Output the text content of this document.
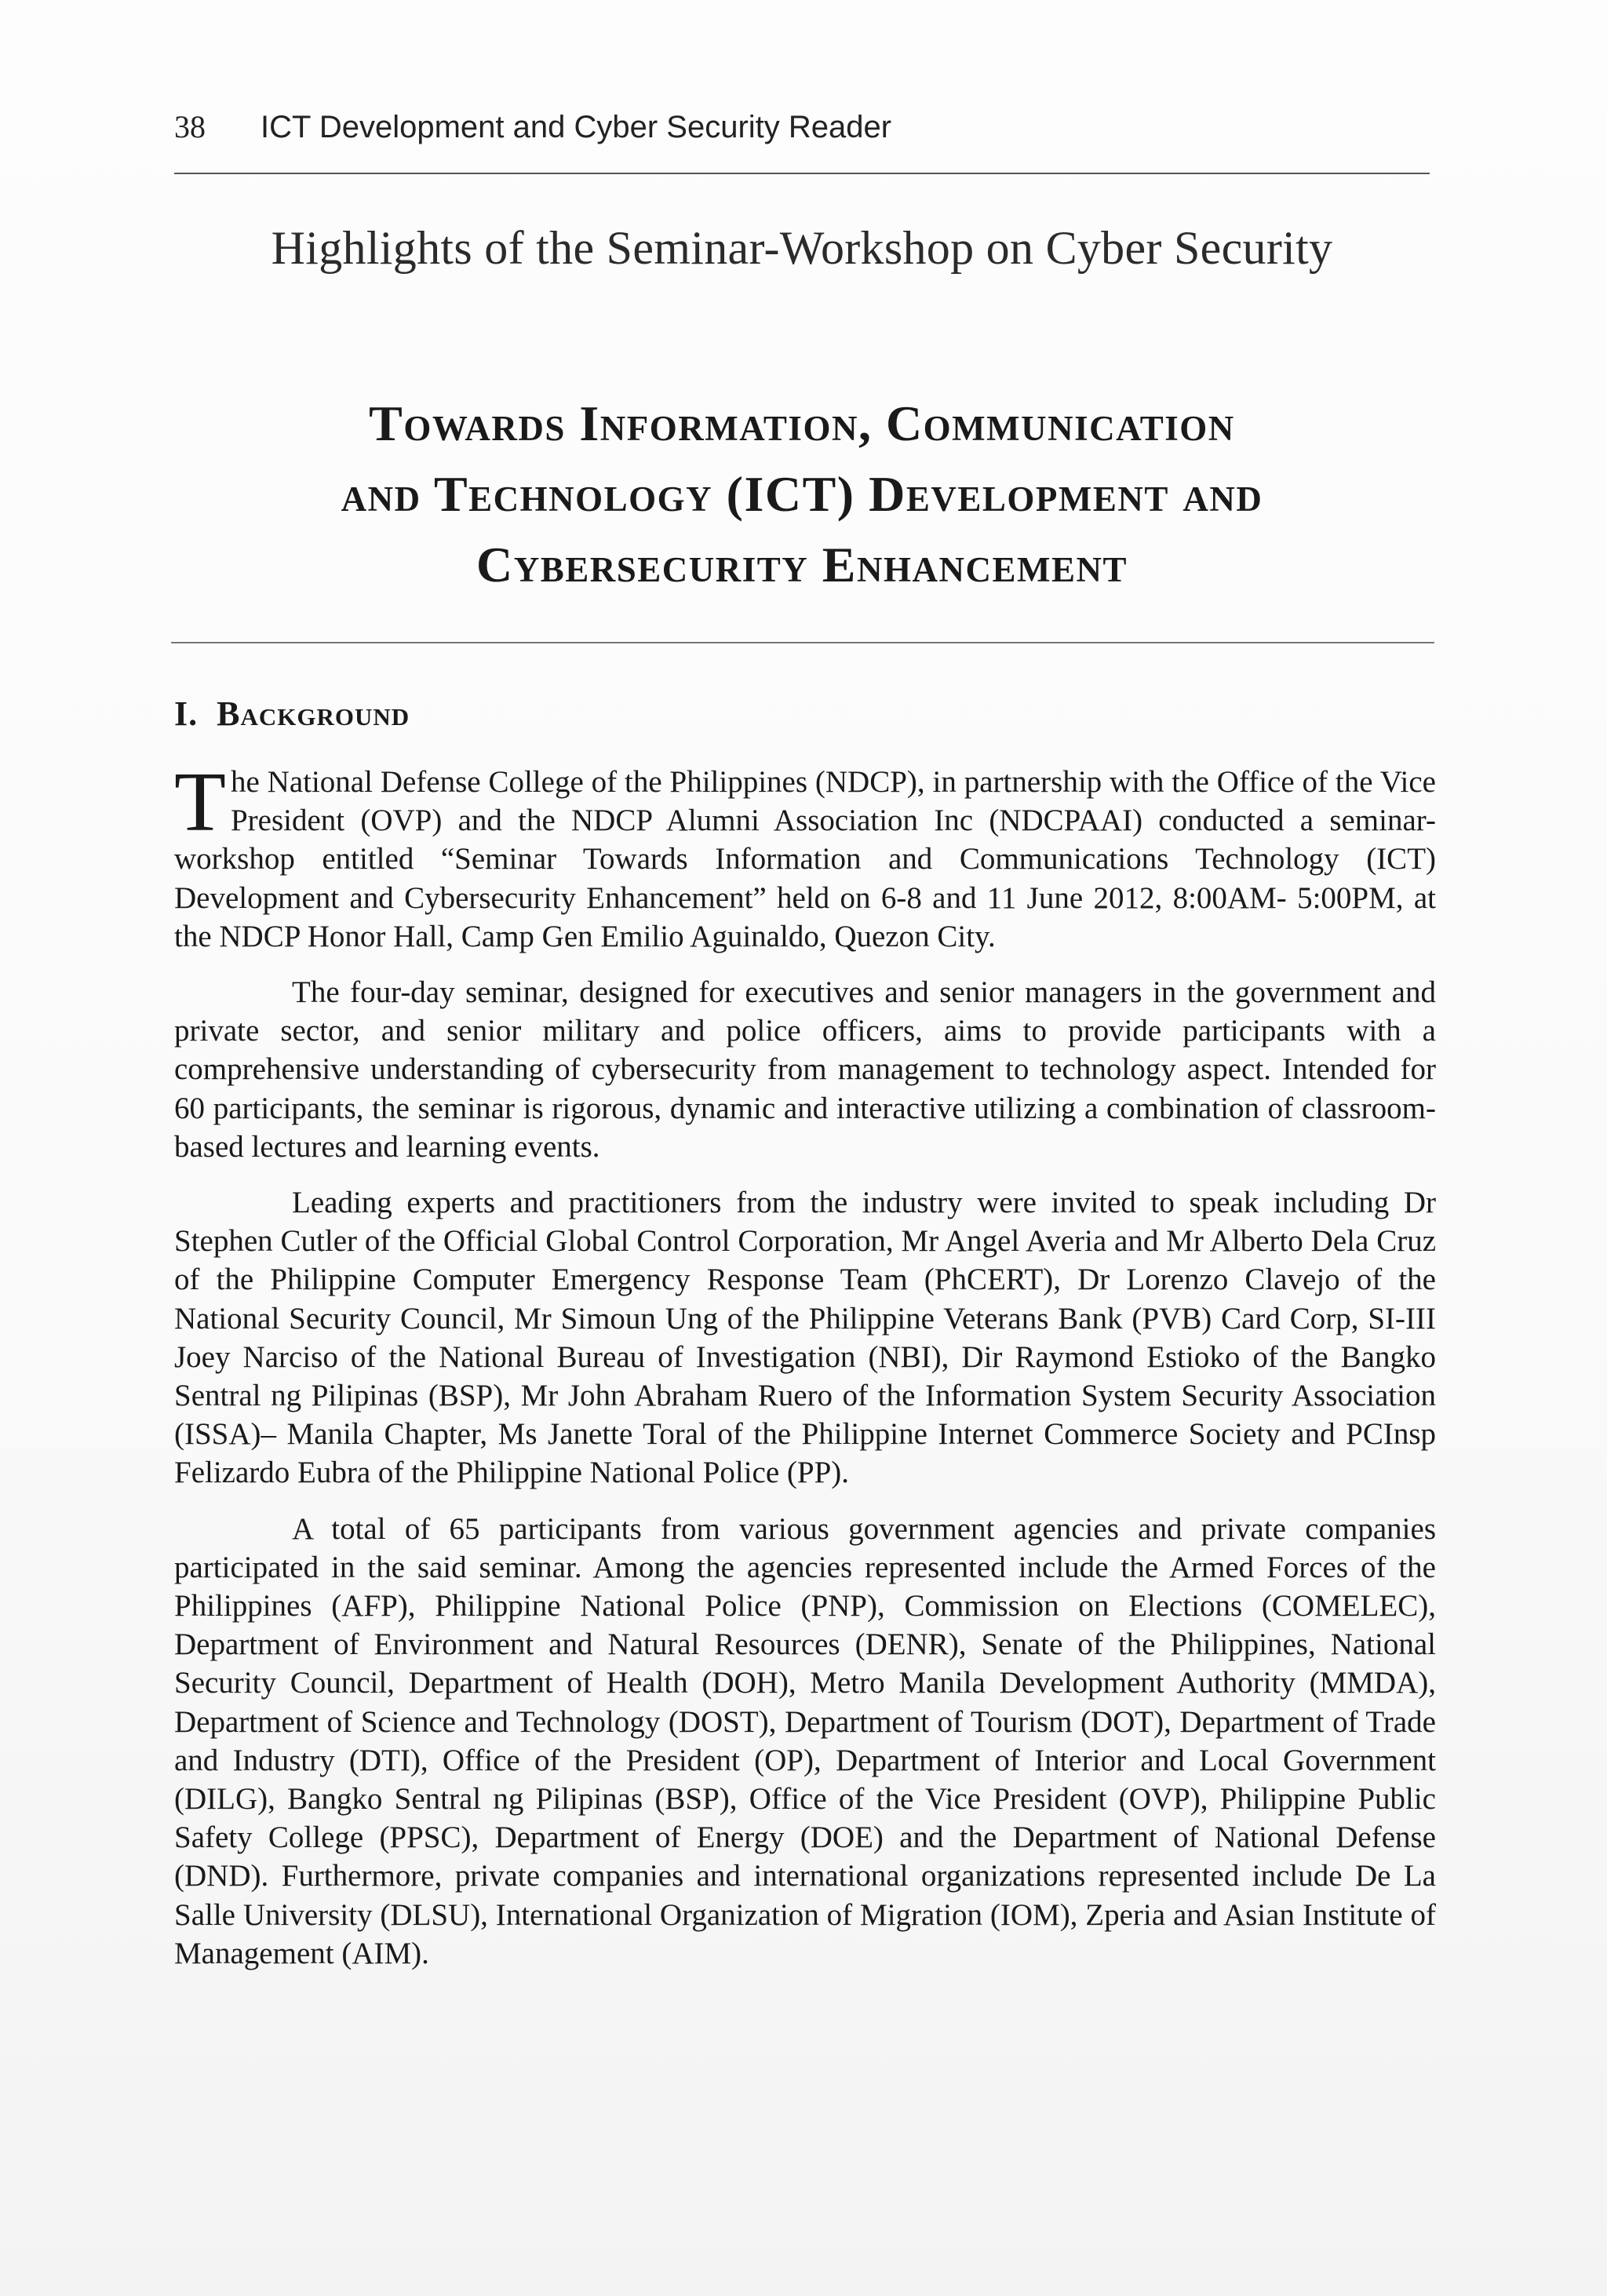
38	ICT Development and Cyber Security Reader
Highlights of the Seminar-Workshop on Cyber Security
Towards Information, Communication
and Technology (ICT) Development and
Cybersecurity Enhancement
I. Background

The National Defense College of the Philippines (NDCP), in partnership with the Office of the Vice President (OVP) and the NDCP Alumni Association Inc (NDCPAAI) conducted a seminar-workshop entitled “Seminar Towards Information and Communications Technology (ICT) Development and Cybersecurity Enhancement” held on 6-8 and 11 June 2012, 8:00AM- 5:00PM, at the NDCP Honor Hall, Camp Gen Emilio Aguinaldo, Quezon City.

The four-day seminar, designed for executives and senior managers in the government and private sector, and senior military and police officers, aims to provide participants with a comprehensive understanding of cybersecurity from management to technology aspect. Intended for 60 participants, the seminar is rigorous, dynamic and interactive utilizing a combination of classroom-based lectures and learning events.

Leading experts and practitioners from the industry were invited to speak including Dr Stephen Cutler of the Official Global Control Corporation, Mr Angel Averia and Mr Alberto Dela Cruz of the Philippine Computer Emergency Response Team (PhCERT), Dr Lorenzo Clavejo of the National Security Council, Mr Simoun Ung of the Philippine Veterans Bank (PVB) Card Corp, SI-III Joey Narciso of the National Bureau of Investigation (NBI), Dir Raymond Estioko of the Bangko Sentral ng Pilipinas (BSP), Mr John Abraham Ruero of the Information System Security Association (ISSA)– Manila Chapter, Ms Janette Toral of the Philippine Internet Commerce Society and PCInsp Felizardo Eubra of the Philippine National Police (PP).

A total of 65 participants from various government agencies and private companies participated in the said seminar. Among the agencies represented include the Armed Forces of the Philippines (AFP), Philippine National Police (PNP), Commission on Elections (COMELEC), Department of Environment and Natural Resources (DENR), Senate of the Philippines, National Security Council, Department of Health (DOH), Metro Manila Development Authority (MMDA), Department of Science and Technology (DOST), Department of Tourism (DOT), Department of Trade and Industry (DTI), Office of the President (OP), Department of Interior and Local Government (DILG), Bangko Sentral ng Pilipinas (BSP), Office of the Vice President (OVP), Philippine Public Safety College (PPSC), Department of Energy (DOE) and the Department of National Defense (DND). Furthermore, private companies and international organizations represented include De La Salle University (DLSU), International Organization of Migration (IOM), Zperia and Asian Institute of Management (AIM).
